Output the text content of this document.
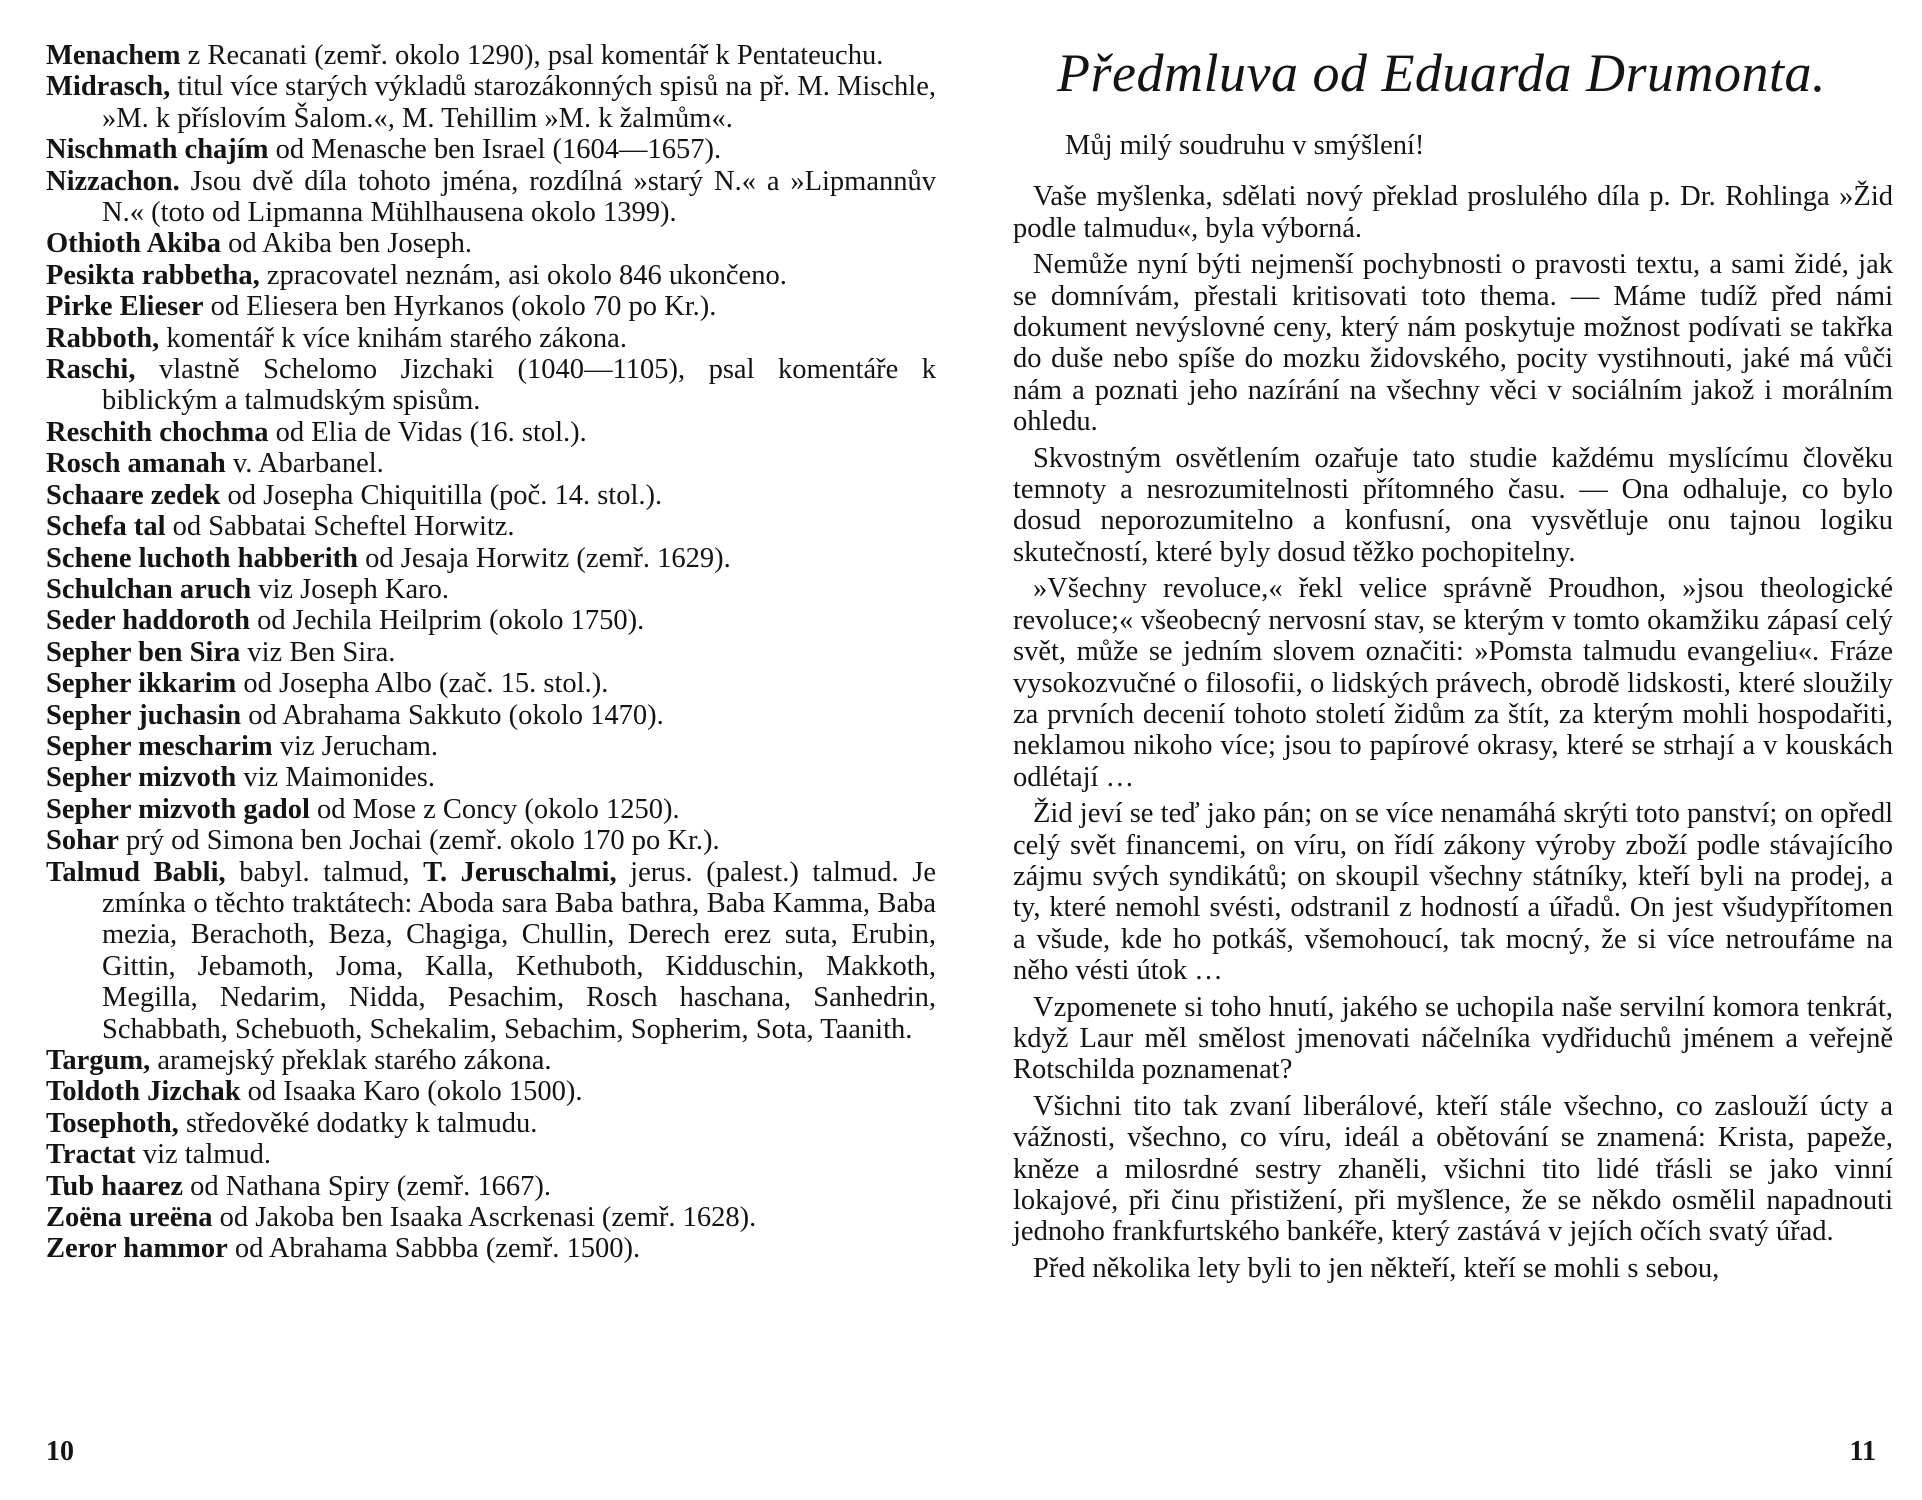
Menachem z Recanati (zemř. okolo 1290), psal komentář k Pentateuchu.
Midrasch, titul více starých výkladů starozákonných spisů na př. M. Mischle, »M. k příslovím Šalom.«, M. Tehillim »M. k žalmům«.
Nischmath chajím od Menasche ben Israel (1604—1657).
Nizzachon. Jsou dvě díla tohoto jména, rozdílná »starý N.« a »Lipmannův N.« (toto od Lipmanna Mühlhausena okolo 1399).
Othioth Akiba od Akiba ben Joseph.
Pesikta rabbetha, zpracovatel neznám, asi okolo 846 ukončeno.
Pirke Elieser od Eliesera ben Hyrkanos (okolo 70 po Kr.).
Rabboth, komentář k více knihám starého zákona.
Raschi, vlastně Schelomo Jizchaki (1040—1105), psal komentáře k biblickým a talmudským spisům.
Reschith chochma od Elia de Vidas (16. stol.).
Rosch amanah v. Abarbanel.
Schaare zedek od Josepha Chiquitilla (poč. 14. stol.).
Schefa tal od Sabbatai Scheftel Horwitz.
Schene luchoth habberith od Jesaja Horwitz (zemř. 1629).
Schulchan aruch viz Joseph Karo.
Seder haddoroth od Jechila Heilprim (okolo 1750).
Sepher ben Sira viz Ben Sira.
Sepher ikkarim od Josepha Albo (zač. 15. stol.).
Sepher juchasin od Abrahama Sakkuto (okolo 1470).
Sepher mescharim viz Jerucham.
Sepher mizvoth viz Maimonides.
Sepher mizvoth gadol od Mose z Concy (okolo 1250).
Sohar prý od Simona ben Jochai (zemř. okolo 170 po Kr.).
Talmud Babli, babyl. talmud, T. Jeruschalmi, jerus. (palest.) talmud. Je zmínka o těchto traktátech: Aboda sara Baba bathra, Baba Kamma, Baba mezia, Berachoth, Beza, Chagiga, Chullin, Derech erez suta, Erubin, Gittin, Jebamoth, Joma, Kalla, Kethuboth, Kidduschin, Makkoth, Megilla, Nedarim, Nidda, Pesachim, Rosch haschana, Sanhedrin, Schabbath, Schebuoth, Schekalim, Sebachim, Sopherim, Sota, Taanith.
Targum, aramejský překlak starého zákona.
Toldoth Jizchak od Isaaka Karo (okolo 1500).
Tosephoth, středověké dodatky k talmudu.
Tractat viz talmud.
Tub haarez od Nathana Spiry (zemř. 1667).
Zoëna ureëna od Jakoba ben Isaaka Ascrkenasi (zemř. 1628).
Zeror hammor od Abrahama Sabbba (zemř. 1500).

10

Předmluva od Eduarda Drumonta.

Můj milý soudruhu v smýšlení!

Vaše myšlenka, sdělati nový překlad proslulého díla p. Dr. Rohlinga »Žid podle talmudu«, byla výborná.

Nemůže nyní býti nejmenší pochybnosti o pravosti textu, a sami židé, jak se domnívám, přestali kritisovati toto thema. — Máme tudíž před námi dokument nevýslovné ceny, který nám poskytuje možnost podívati se takřka do duše nebo spíše do mozku židovského, pocity vystihnouti, jaké má vůči nám a poznati jeho nazírání na všechny věci v sociálním jakož i morálním ohledu.

Skvostným osvětlením ozařuje tato studie každému myslícímu člověku temnoty a nesrozumitelnosti přítomného času. — Ona odhaluje, co bylo dosud neporozumitelno a konfusní, ona vysvětluje onu tajnou logiku skutečností, které byly dosud těžko pochopitelny.

»Všechny revoluce,« řekl velice správně Proudhon, »jsou theologické revoluce;« všeobecný nervosní stav, se kterým v tomto okamžiku zápasí celý svět, může se jedním slovem označiti: »Pomsta talmudu evangeliu«. Fráze vysokozvučné o filosofii, o lidských právech, obrodě lidskosti, které sloužily za prvních decenií tohoto století židům za štít, za kterým mohli hospodařiti, neklamou nikoho více; jsou to papírové okrasy, které se strhají a v kouskách odlétají …

Žid jeví se teď jako pán; on se více nenamáhá skrýti toto panství; on opředl celý svět financemi, on víru, on řídí zákony výroby zboží podle stávajícího zájmu svých syndikátů; on skoupil všechny státníky, kteří byli na prodej, a ty, které nemohl svésti, odstranil z hodností a úřadů. On jest všudypřítomen a všude, kde ho potkáš, všemohoucí, tak mocný, že si více netroufáme na něho vésti útok …

Vzpomenete si toho hnutí, jakého se uchopila naše servilní komora tenkrát, když Laur měl smělost jmenovati náčelníka vydřiduchů jménem a veřejně Rotschilda poznamenat?

Všichni tito tak zvaní liberálové, kteří stále všechno, co zaslouží úcty a vážnosti, všechno, co víru, ideál a obětování se znamená: Krista, papeže, kněze a milosrdné sestry zhaněli, všichni tito lidé třásli se jako vinní lokajové, při činu přistižení, při myšlence, že se někdo osmělil napadnouti jednoho frankfurtského bankéře, který zastává v jejích očích svatý úřad.

Před několika lety byli to jen někteří, kteří se mohli s sebou,

11
